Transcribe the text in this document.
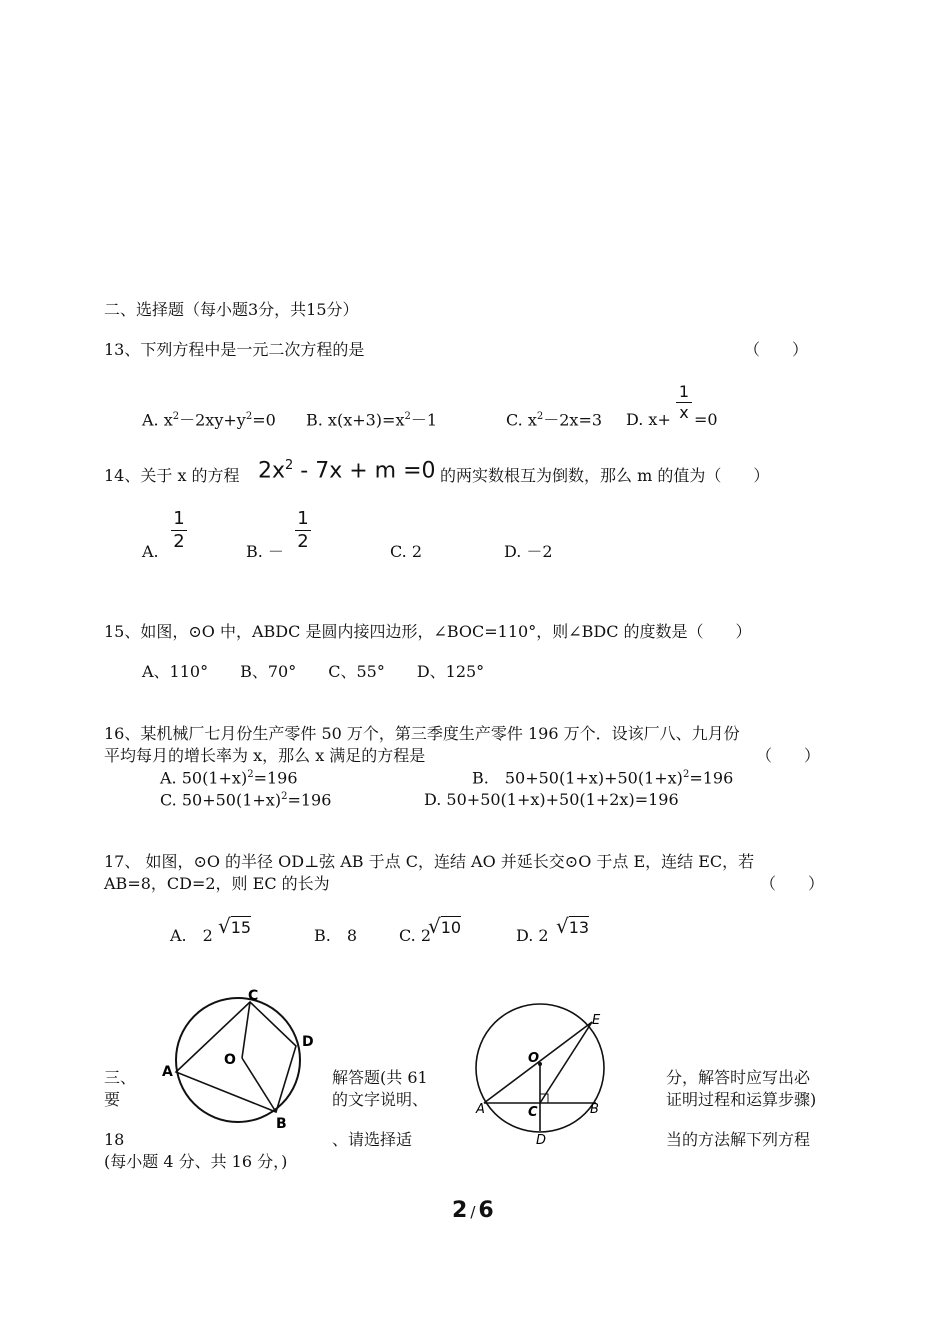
二、选择题（每小题3分，共15分）
13、下列方程中是一元二次方程的是	（　　）
A. $x^2-2xy+y^2=0$ B. $x(x+3)=x^2-1$	C. $x^2-2x=3$ D. x+
1
x =0
14、关于 x 的方程 $2x^2 - 7x + m =0$ 的两实数根互为倒数，那么 m 的值为（　　）
A.
1
2	B. －
1
2	C. 2	D. －2
15、如图，⊙O 中，ABDC 是圆内接四边形，∠BOC=110°，则∠BDC 的度数是（　　）
A、110°　　B、70°　　C、55°　　D、125°
16、某机械厂七月份生产零件 50 万个，第三季度生产零件 196 万个．设该厂八、九月份
平均每月的增长率为 x，那么 x 满足的方程是	（　　）
A. $50(1+x)^2=196$	B.　$50+50(1+x)+50(1+x)^2=196$
C. $50+50(1+x)^2=196$	D. 50+50(1+x)+50(1+2x)=196
17、 如图，⊙O 的半径 OD⊥弦 AB 于点 C，连结 AO 并延长交⊙O 于点 E，连结 EC，若
AB=8，CD=2，则 EC 的长为	（　　）
A.　2 √15	B.　8	C. 2
√10	D. 2 √13
C
D
A
B
O
E
O
A	C	B
D
三、
要
解答题(共 61
的文字说明、
分，解答时应写出必
证明过程和运算步骤)
18	、请选择适	当的方法解下列方程
(每小题 4 分、共 16 分，)
2 / 6
